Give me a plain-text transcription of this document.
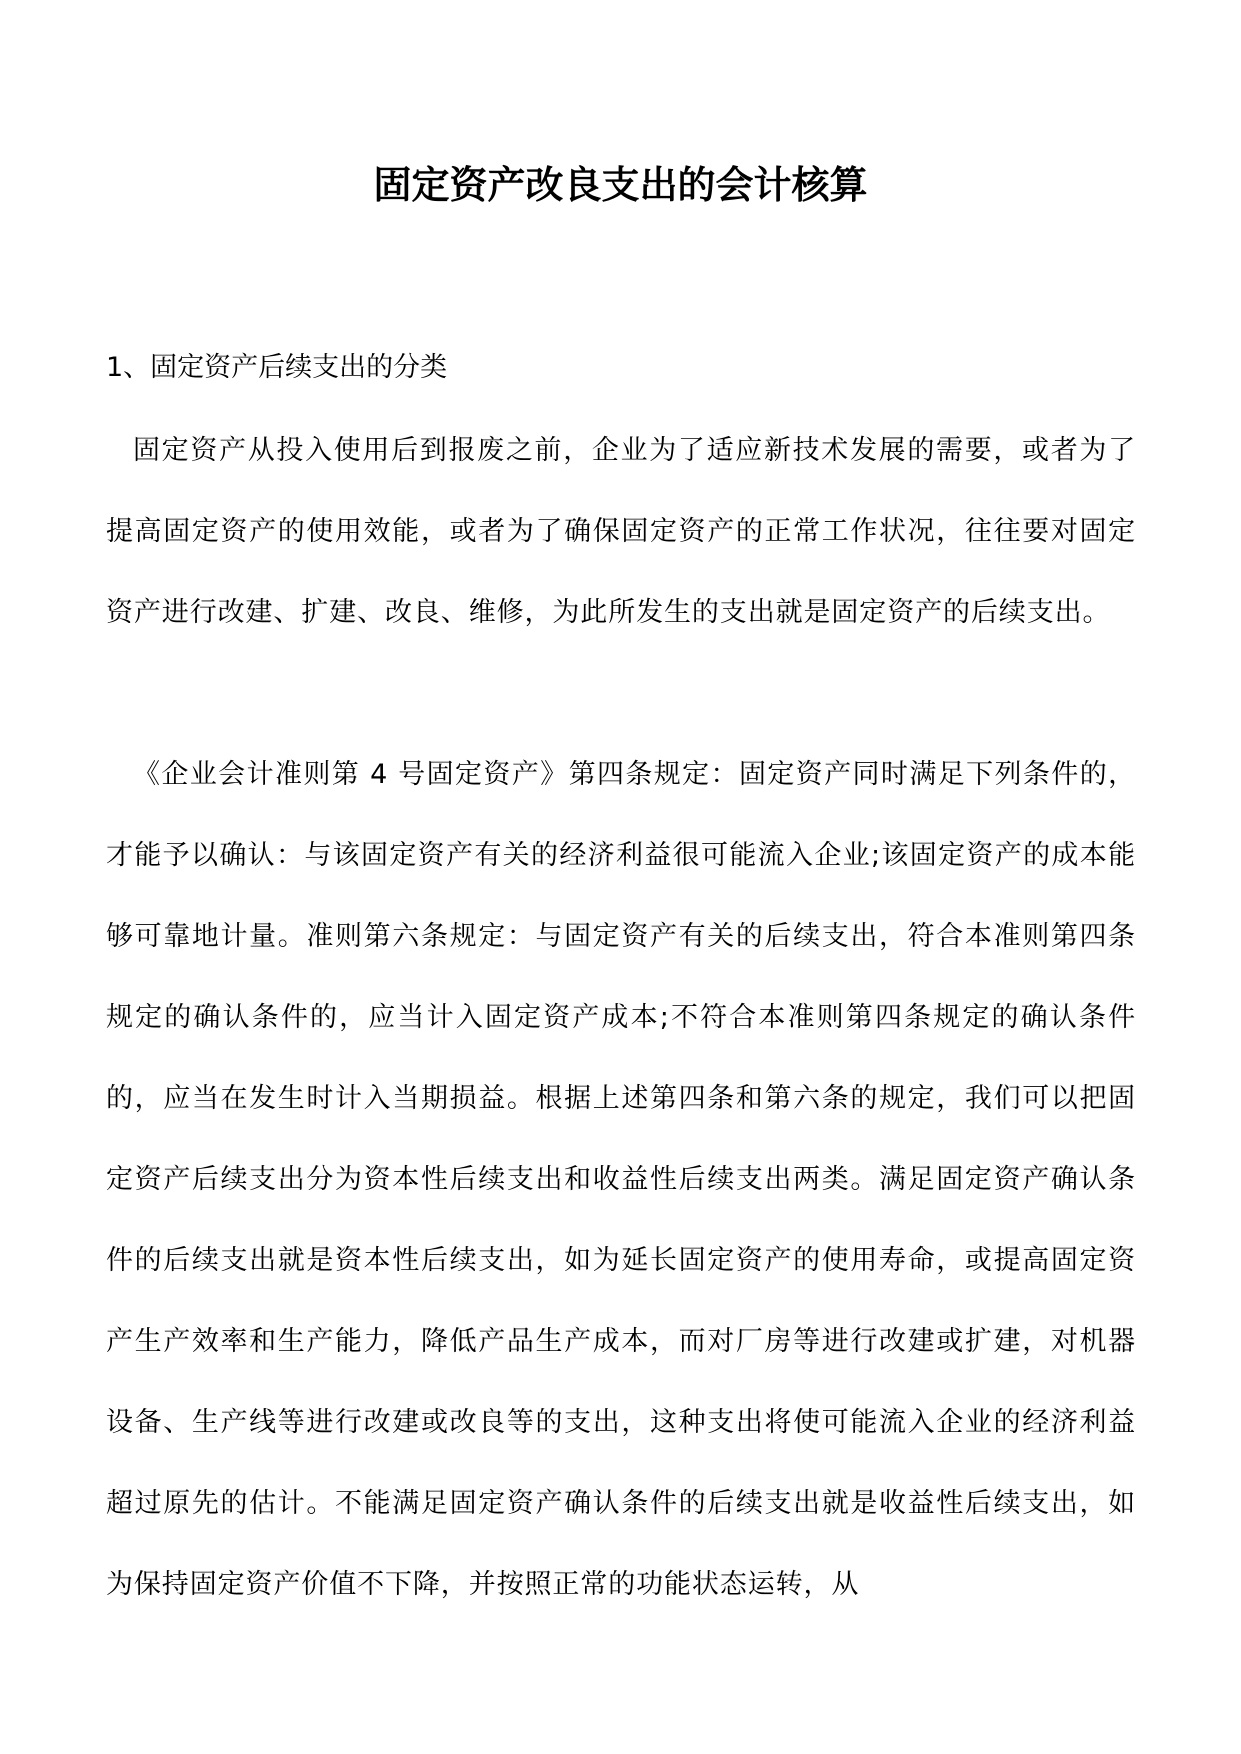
固定资产改良支出的会计核算

1、固定资产后续支出的分类

固定资产从投入使用后到报废之前，企业为了适应新技术发展的需要，或者为了提高固定资产的使用效能，或者为了确保固定资产的正常工作状况，往往要对固定资产进行改建、扩建、改良、维修，为此所发生的支出就是固定资产的后续支出。

《企业会计准则第 4 号固定资产》第四条规定：固定资产同时满足下列条件的，才能予以确认：与该固定资产有关的经济利益很可能流入企业;该固定资产的成本能够可靠地计量。准则第六条规定：与固定资产有关的后续支出，符合本准则第四条规定的确认条件的，应当计入固定资产成本;不符合本准则第四条规定的确认条件的，应当在发生时计入当期损益。根据上述第四条和第六条的规定，我们可以把固定资产后续支出分为资本性后续支出和收益性后续支出两类。满足固定资产确认条件的后续支出就是资本性后续支出，如为延长固定资产的使用寿命，或提高固定资产生产效率和生产能力，降低产品生产成本，而对厂房等进行改建或扩建，对机器设备、生产线等进行改建或改良等的支出，这种支出将使可能流入企业的经济利益超过原先的估计。不能满足固定资产确认条件的后续支出就是收益性后续支出，如为保持固定资产价值不下降，并按照正常的功能状态运转，从
